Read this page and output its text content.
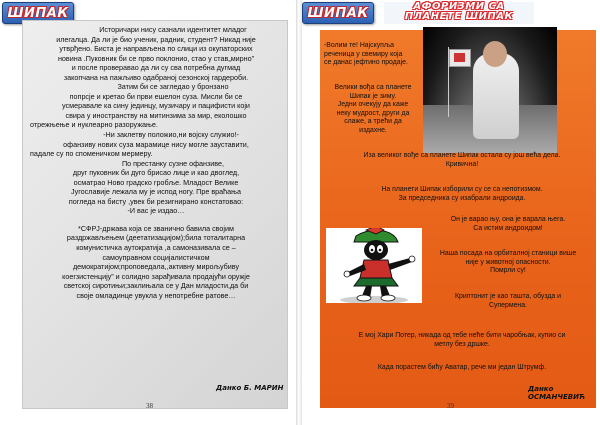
ШИПАК

Историчари нису сазнали идентитет младог

илегалца. Да ли је био ученик, радник, студент? Никад није

утврђено. Биста је направљена по слици из окупаторских

новина .Пуковник би се прво поклонио, стао у став„мирно”

и после проверавао да ли су сва потребна дугмад

закопчана на пажљиво одабраној сезонској гардероби.

Затим би се загледао у бронзано

попрсје и кретао би први ешелон суза. Мисли би се

усмеравале ка сину јединцу, музичару и пацифисти који

свира у иностранству на митинзима за мир, еколошко

отрежњење и нуклеарно разоружање.

-Ни заклетву положио,ни војску служио!-

офанзиву нових суза марамице нису могле зауставити,

падале су по споменичком мермеру.

По престанку сузне офанзиве,

друг пуковник би дуго брисао лице и као двоглед,

осматрао Ново градско гробље. Младост Велике

Југославије лежала му је испод ногу. Пре враћања

погледа на бисту ,увек би резигнирано констатовао:

-И вас је издао…

*СФРЈ-држава која се званично бавила својим

раздржављењем (деетатизацијом);била тоталитарна

комунистичка аутократија ,а самоназивала се –

самоуправном социјалистичком

демократијом;проповедала,,активну мирољубиву

коегзистенцију” и солидно зарађивала продајући оружје

светској сиротињи;заклињала се у Дан младости,да би

своје омладинце увукла у непотребне ратове…

Данко Б. МАРИН
38
ШИПАК	АФОРИЗМИ СА
ПЛАНЕТЕ ШИПАК

-Волим те! Најскупља

реченица у свемиру која

се данас јефтино продаје.

Велики вођа са планете

Шипак је зиму.

Једни очекују да каже

неку мудрост, други да

слаже, а трећи да

издахне.

Иза великог вође са планете Шипак остала су још већа дела.

Кривична!

На планети Шипак изборили су се са непотизмом.

За председника су изабрали андроида.

Он је варао њу, она је варала њега.

Са истим андроидом!

Наша посада на орбиталној станици више

није у животној опасности.

Помрли су!

Криптонит је као ташта, обузда и

Супермена.

Е мој Хари Потер, никада од тебе неће бити чаробњак, купио си

метлу без дршке.

Када порастем бићу Аватар, рече ми један Штрумф.

Данко ОСМАНЧЕВИЋ
39
